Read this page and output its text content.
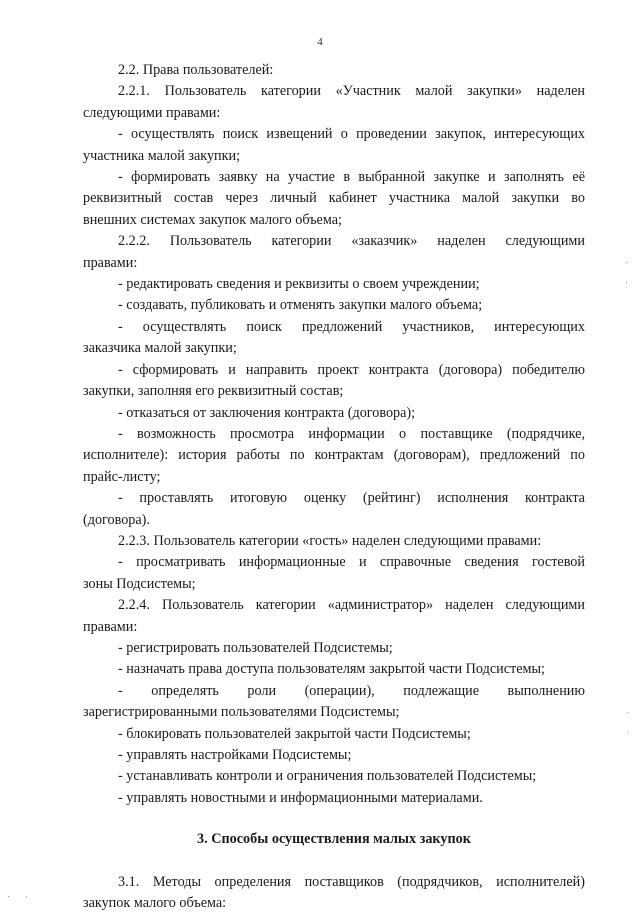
4

2.2. Права пользователей:

2.2.1. Пользователь категории «Участник малой закупки» наделен

следующими правами:

- осуществлять поиск извещений о проведении закупок, интересующих

участника малой закупки;

- формировать заявку на участие в выбранной закупке и заполнять её

реквизитный состав через личный кабинет участника малой закупки во

внешних системах закупок малого объема;

2.2.2. Пользователь категории «заказчик» наделен следующими

правами:

- редактировать сведения и реквизиты о своем учреждении;

- создавать, публиковать и отменять закупки малого объема;

- осуществлять поиск предложений участников, интересующих

заказчика малой закупки;

- сформировать и направить проект контракта (договора) победителю

закупки, заполняя его реквизитный состав;

- отказаться от заключения контракта (договора);

- возможность просмотра информации о поставщике (подрядчике,

исполнителе): история работы по контрактам (договорам), предложений по

прайс-листу;

- проставлять итоговую оценку (рейтинг) исполнения контракта

(договора).

2.2.3. Пользователь категории «гость» наделен следующими правами:

- просматривать информационные и справочные сведения гостевой

зоны Подсистемы;

2.2.4. Пользователь категории «администратор» наделен следующими

правами:

- регистрировать пользователей Подсистемы;

- назначать права доступа пользователям закрытой части Подсистемы;

- определять роли (операции), подлежащие выполнению

зарегистрированными пользователями Подсистемы;

- блокировать пользователей закрытой части Подсистемы;

- управлять настройками Подсистемы;

- устанавливать контроли и ограничения пользователей Подсистемы;

- управлять новостными и информационными материалами.

3. Способы осуществления малых закупок

3.1. Методы определения поставщиков (подрядчиков, исполнителей)

закупок малого объема:
